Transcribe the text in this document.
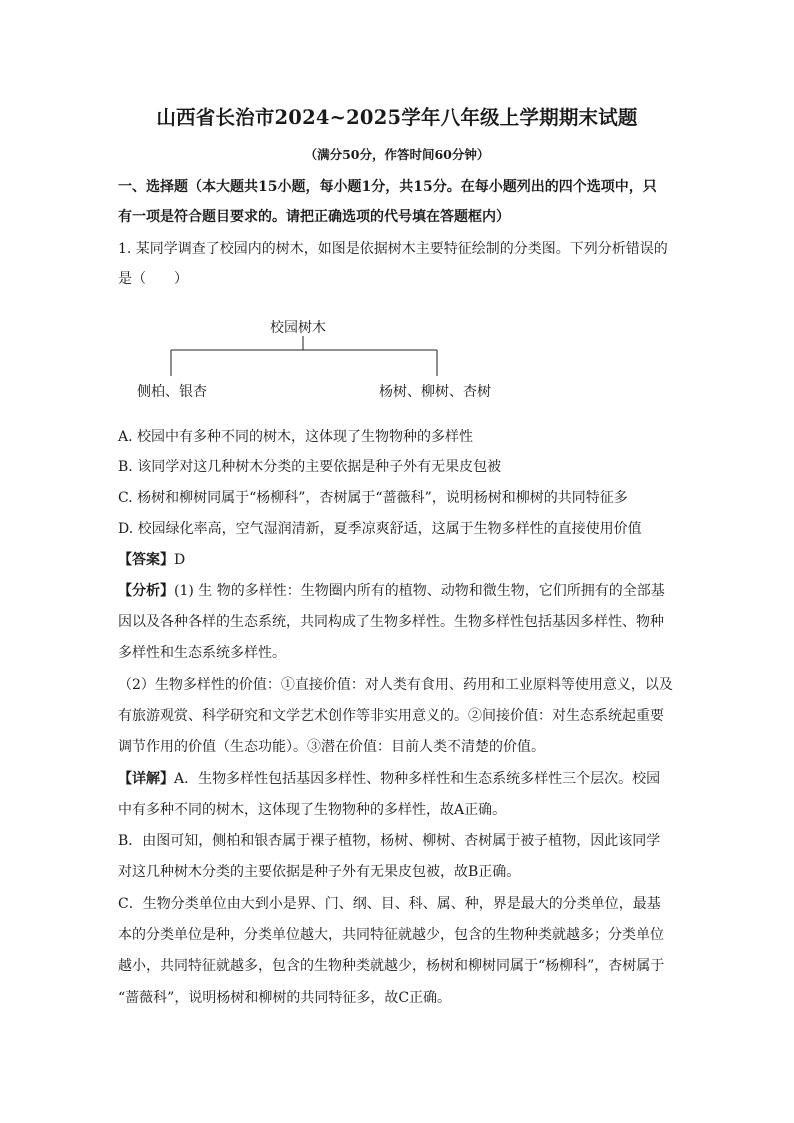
山西省长治市2024~2025学年八年级上学期期末试题
（满分50分，作答时间60分钟）
一、选择题（本大题共15小题，每小题1分，共15分。在每小题列出的四个选项中，只
有一项是符合题目要求的。请把正确选项的代号填在答题框内）
1. 某同学调查了校园内的树木，如图是依据树木主要特征绘制的分类图。下列分析错误的
是（　　）
校园树木
侧柏、银杏	杨树、柳树、杏树
A. 校园中有多种不同的树木，这体现了生物物种的多样性
B. 该同学对这几种树木分类的主要依据是种子外有无果皮包被
C. 杨树和柳树同属于“杨柳科”，杏树属于“蔷薇科”，说明杨树和柳树的共同特征多
D. 校园绿化率高，空气湿润清新，夏季凉爽舒适，这属于生物多样性的直接使用价值
【答案】D
【分析】(1) 生 物的多样性：生物圈内所有的植物、动物和微生物，它们所拥有的全部基
因以及各种各样的生态系统，共同构成了生物多样性。生物多样性包括基因多样性、物种
多样性和生态系统多样性。
（2）生物多样性的价值：①直接价值：对人类有食用、药用和工业原料等使用意义，以及
有旅游观赏、科学研究和文学艺术创作等非实用意义的。②间接价值：对生态系统起重要
调节作用的价值（生态功能）。③潜在价值：目前人类不清楚的价值。
【详解】A．生物多样性包括基因多样性、物种多样性和生态系统多样性三个层次。校园
中有多种不同的树木，这体现了生物物种的多样性，故A正确。
B．由图可知，侧柏和银杏属于裸子植物，杨树、柳树、杏树属于被子植物，因此该同学
对这几种树木分类的主要依据是种子外有无果皮包被，故B正确。
C．生物分类单位由大到小是界、门、纲、目、科、属、种，界是最大的分类单位，最基
本的分类单位是种，分类单位越大，共同特征就越少，包含的生物种类就越多；分类单位
越小，共同特征就越多，包含的生物种类就越少，杨树和柳树同属于“杨柳科”，杏树属于
“蔷薇科”，说明杨树和柳树的共同特征多，故C正确。
